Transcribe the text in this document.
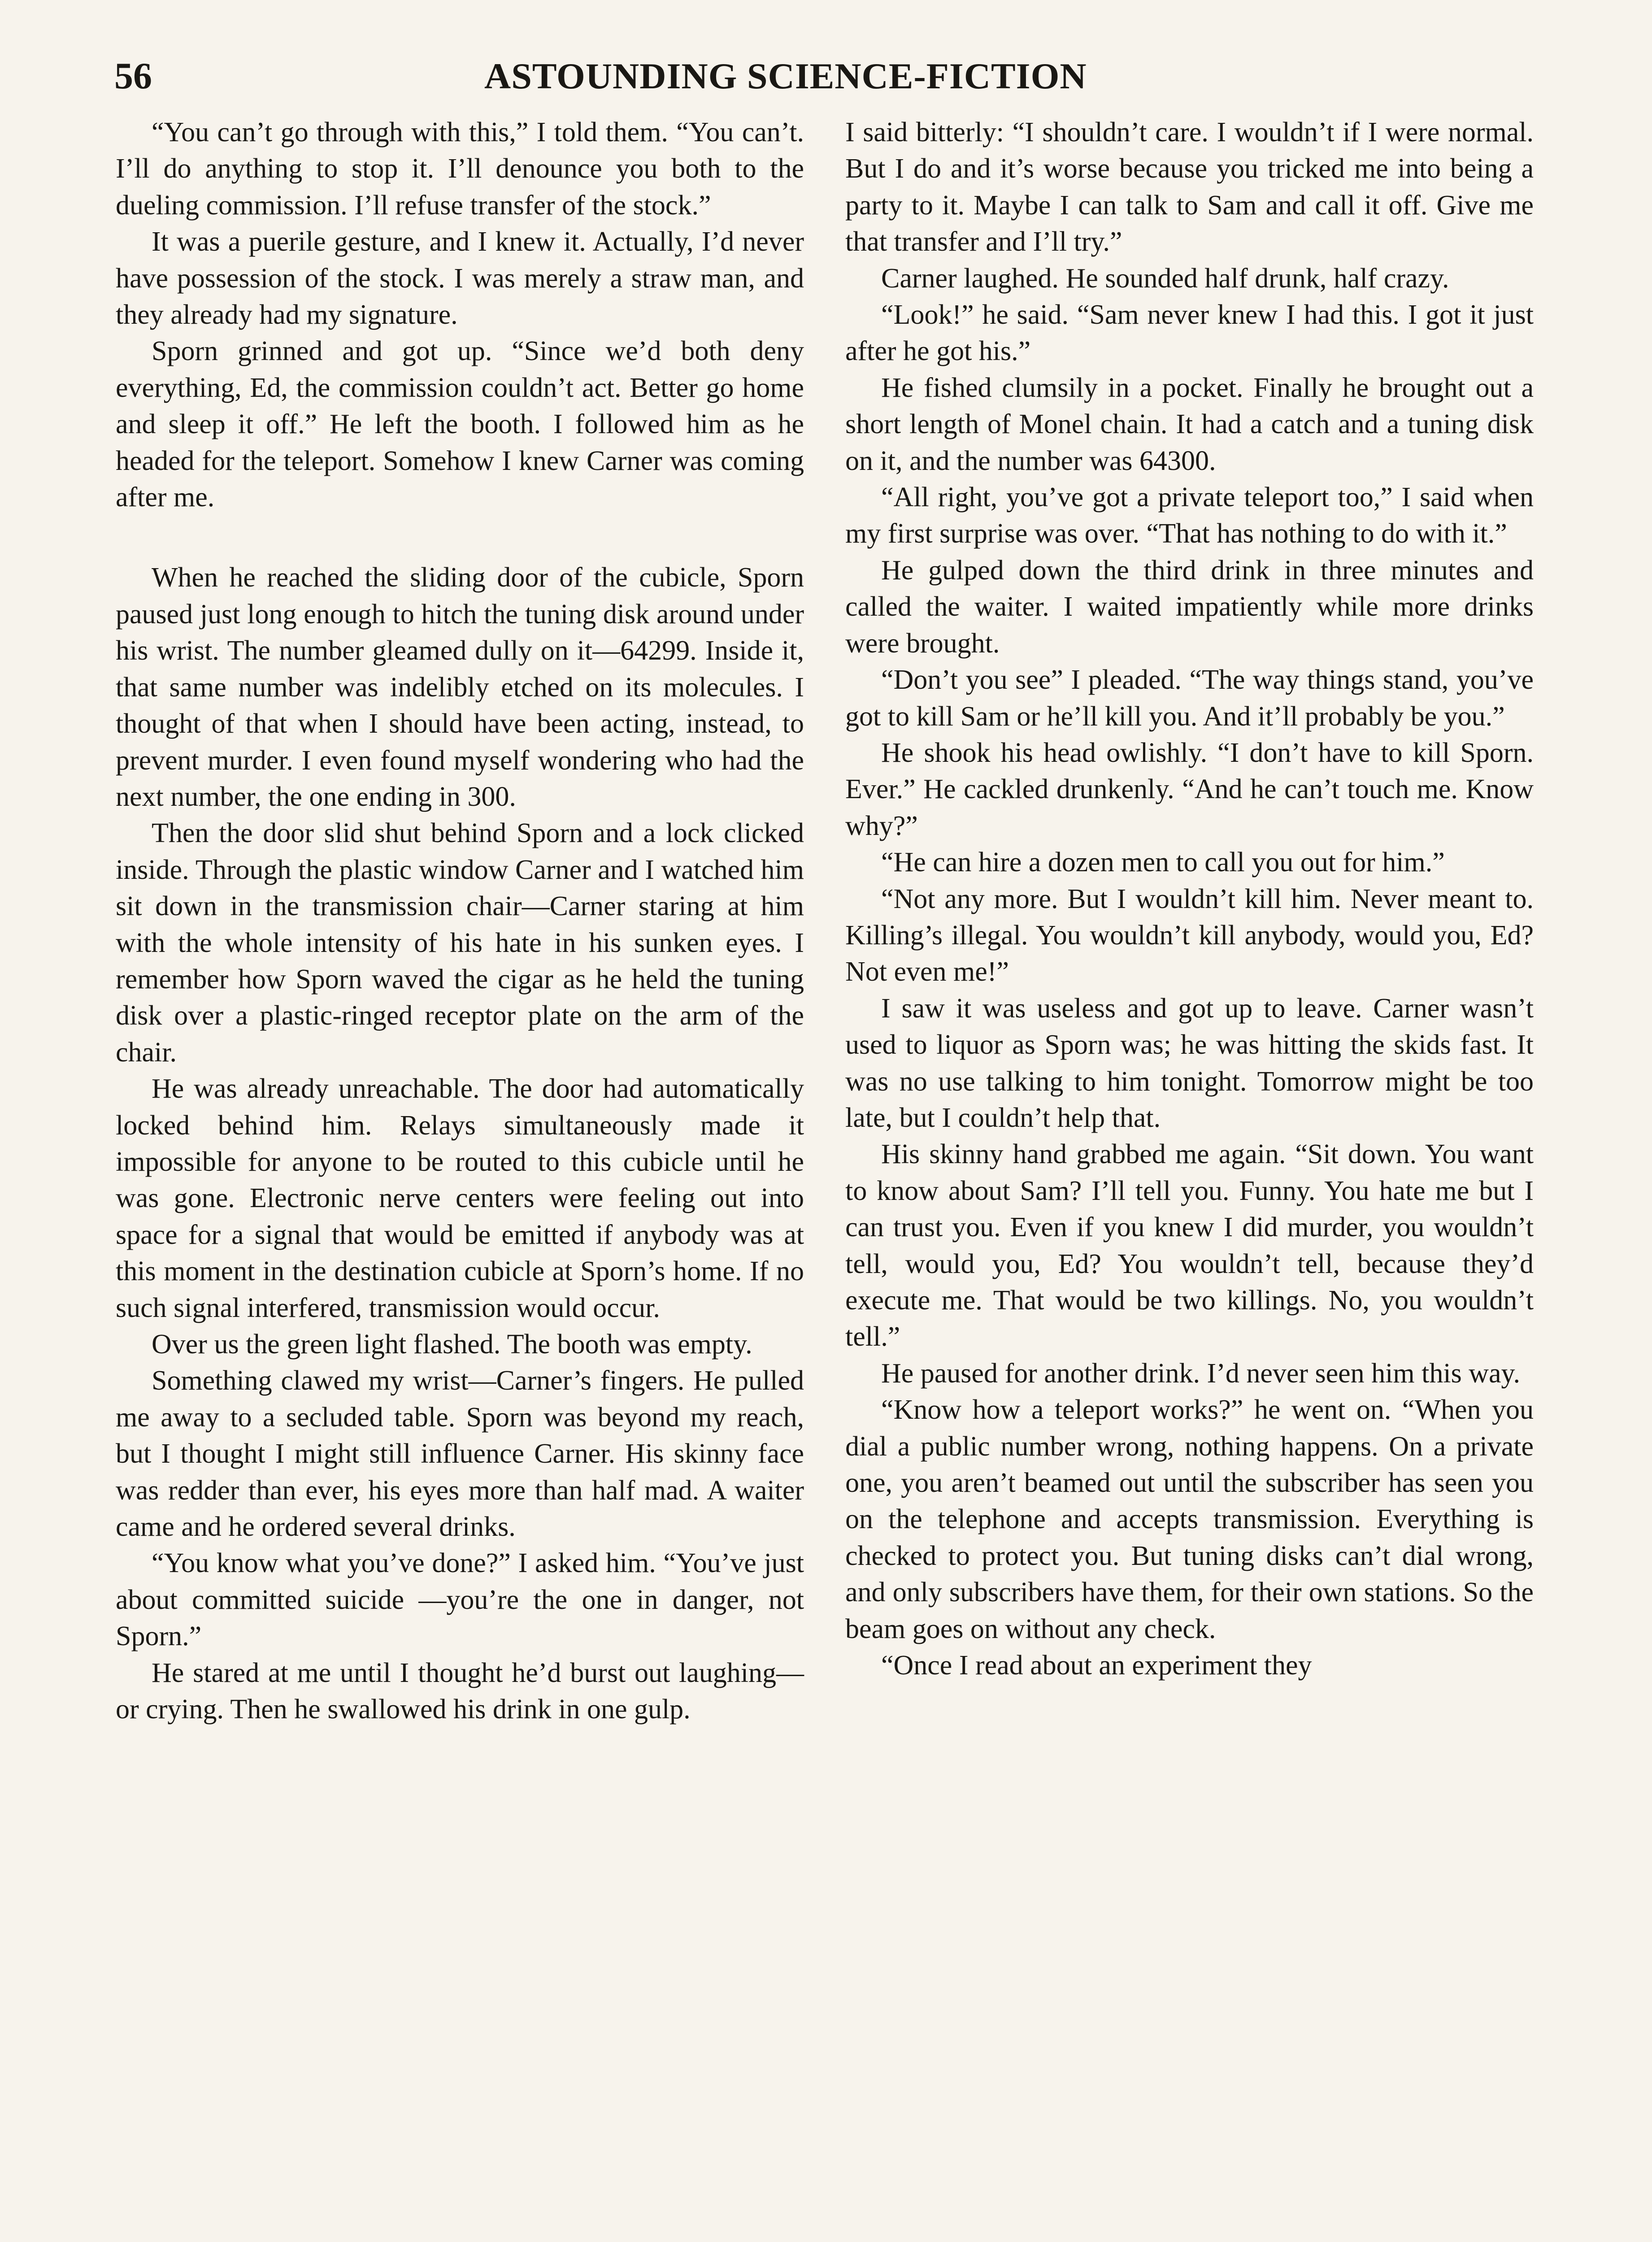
56	ASTOUNDING SCIENCE-FICTION

“You can’t go through with this,” I told them. “You can’t. I’ll do anything to stop it. I’ll denounce you both to the dueling commission. I’ll refuse transfer of the stock.”

It was a puerile gesture, and I knew it. Actually, I’d never have possession of the stock. I was merely a straw man, and they already had my signature.

Sporn grinned and got up. “Since we’d both deny everything, Ed, the commission couldn’t act. Better go home and sleep it off.” He left the booth. I followed him as he headed for the teleport. Somehow I knew Carner was coming after me.

When he reached the sliding door of the cubicle, Sporn paused just long enough to hitch the tuning disk around under his wrist. The number gleamed dully on it—64299. Inside it, that same number was indelibly etched on its molecules. I thought of that when I should have been acting, instead, to prevent murder. I even found myself wondering who had the next number, the one ending in 300.

Then the door slid shut behind Sporn and a lock clicked inside. Through the plastic window Carner and I watched him sit down in the transmission chair—Carner staring at him with the whole intensity of his hate in his sunken eyes. I remember how Sporn waved the cigar as he held the tuning disk over a plastic-ringed receptor plate on the arm of the chair.

He was already unreachable. The door had automatically locked behind him. Relays simultaneously made it impossible for anyone to be routed to this cubicle until he was gone. Electronic nerve centers were feeling out into space for a signal that would be emitted if anybody was at this moment in the destination cubicle at Sporn’s home. If no such signal interfered, transmission would occur.

Over us the green light flashed. The booth was empty.

Something clawed my wrist—Carner’s fingers. He pulled me away to a secluded table. Sporn was beyond my reach, but I thought I might still influence Carner. His skinny face was redder than ever, his eyes more than half mad. A waiter came and he ordered several drinks.

“You know what you’ve done?” I asked him. “You’ve just about committed suicide —you’re the one in danger, not Sporn.”

He stared at me until I thought he’d burst out laughing—or crying. Then he swallowed his drink in one gulp.

I said bitterly: “I shouldn’t care. I wouldn’t if I were normal. But I do and it’s worse because you tricked me into being a party to it. Maybe I can talk to Sam and call it off. Give me that transfer and I’ll try.”

Carner laughed. He sounded half drunk, half crazy.

“Look!” he said. “Sam never knew I had this. I got it just after he got his.”

He fished clumsily in a pocket. Finally he brought out a short length of Monel chain. It had a catch and a tuning disk on it, and the number was 64300.

“All right, you’ve got a private teleport too,” I said when my first surprise was over. “That has nothing to do with it.”

He gulped down the third drink in three minutes and called the waiter. I waited impatiently while more drinks were brought.

“Don’t you see” I pleaded. “The way things stand, you’ve got to kill Sam or he’ll kill you. And it’ll probably be you.”

He shook his head owlishly. “I don’t have to kill Sporn. Ever.” He cackled drunkenly. “And he can’t touch me. Know why?”

“He can hire a dozen men to call you out for him.”

“Not any more. But I wouldn’t kill him. Never meant to. Killing’s illegal. You wouldn’t kill anybody, would you, Ed? Not even me!”

I saw it was useless and got up to leave. Carner wasn’t used to liquor as Sporn was; he was hitting the skids fast. It was no use talking to him tonight. Tomorrow might be too late, but I couldn’t help that.

His skinny hand grabbed me again. “Sit down. You want to know about Sam? I’ll tell you. Funny. You hate me but I can trust you. Even if you knew I did murder, you wouldn’t tell, would you, Ed? You wouldn’t tell, because they’d execute me. That would be two killings. No, you wouldn’t tell.”

He paused for another drink. I’d never seen him this way.

“Know how a teleport works?” he went on. “When you dial a public number wrong, nothing happens. On a private one, you aren’t beamed out until the subscriber has seen you on the telephone and accepts transmission. Everything is checked to protect you. But tuning disks can’t dial wrong, and only subscribers have them, for their own stations. So the beam goes on without any check.

“Once I read about an experiment they
